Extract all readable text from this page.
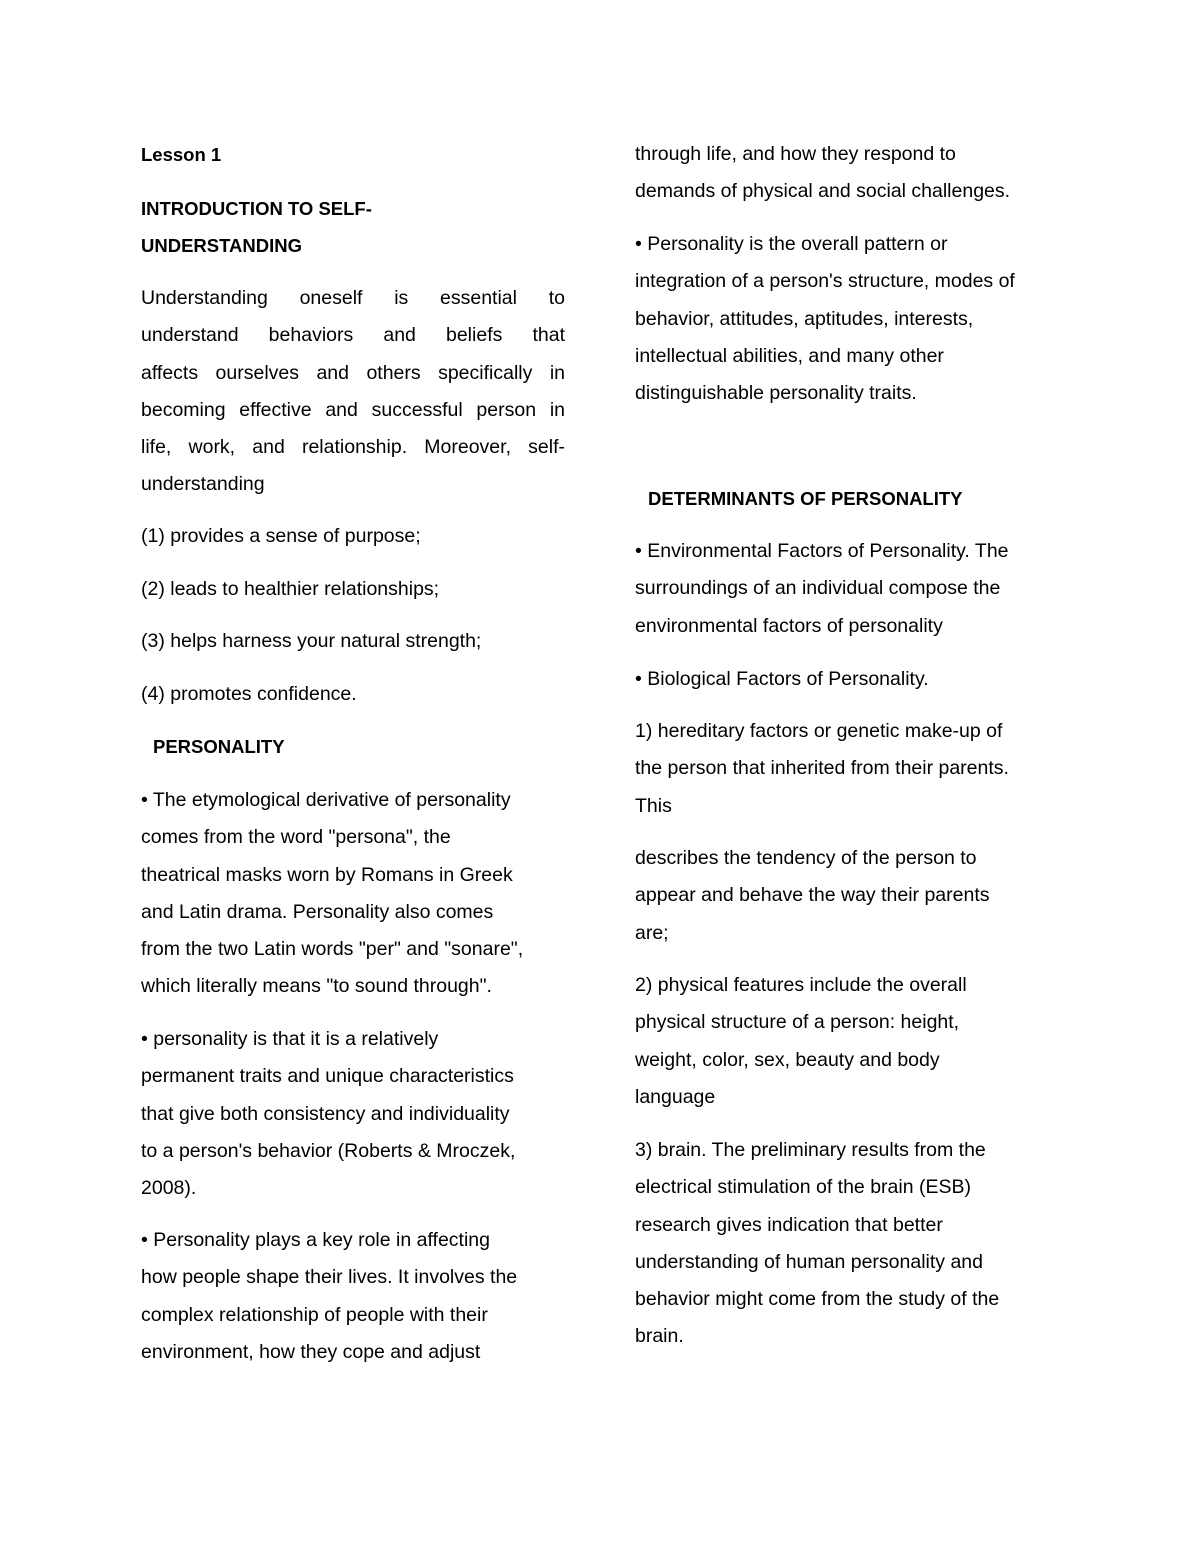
Lesson 1

INTRODUCTION TO SELF-
UNDERSTANDING

Understanding oneself is essential to
understand behaviors and beliefs that
affects ourselves and others specifically in
becoming effective and successful person in
life, work, and relationship. Moreover, self-
understanding

(1) provides a sense of purpose;

(2) leads to healthier relationships;

(3) helps harness your natural strength;

(4) promotes confidence.

PERSONALITY

• The etymological derivative of personality
comes from the word "persona", the
theatrical masks worn by Romans in Greek
and Latin drama. Personality also comes
from the two Latin words "per" and "sonare",
which literally means "to sound through".

• personality is that it is a relatively
permanent traits and unique characteristics
that give both consistency and individuality
to a person's behavior (Roberts & Mroczek,
2008).

• Personality plays a key role in affecting
how people shape their lives. It involves the
complex relationship of people with their
environment, how they cope and adjust

through life, and how they respond to
demands of physical and social challenges.

• Personality is the overall pattern or
integration of a person's structure, modes of
behavior, attitudes, aptitudes, interests,
intellectual abilities, and many other
distinguishable personality traits.

DETERMINANTS OF PERSONALITY

• Environmental Factors of Personality. The
surroundings of an individual compose the
environmental factors of personality

• Biological Factors of Personality.

1) hereditary factors or genetic make-up of
the person that inherited from their parents.
This

describes the tendency of the person to
appear and behave the way their parents
are;

2) physical features include the overall
physical structure of a person: height,
weight, color, sex, beauty and body
language

3) brain. The preliminary results from the
electrical stimulation of the brain (ESB)
research gives indication that better
understanding of human personality and
behavior might come from the study of the
brain.
